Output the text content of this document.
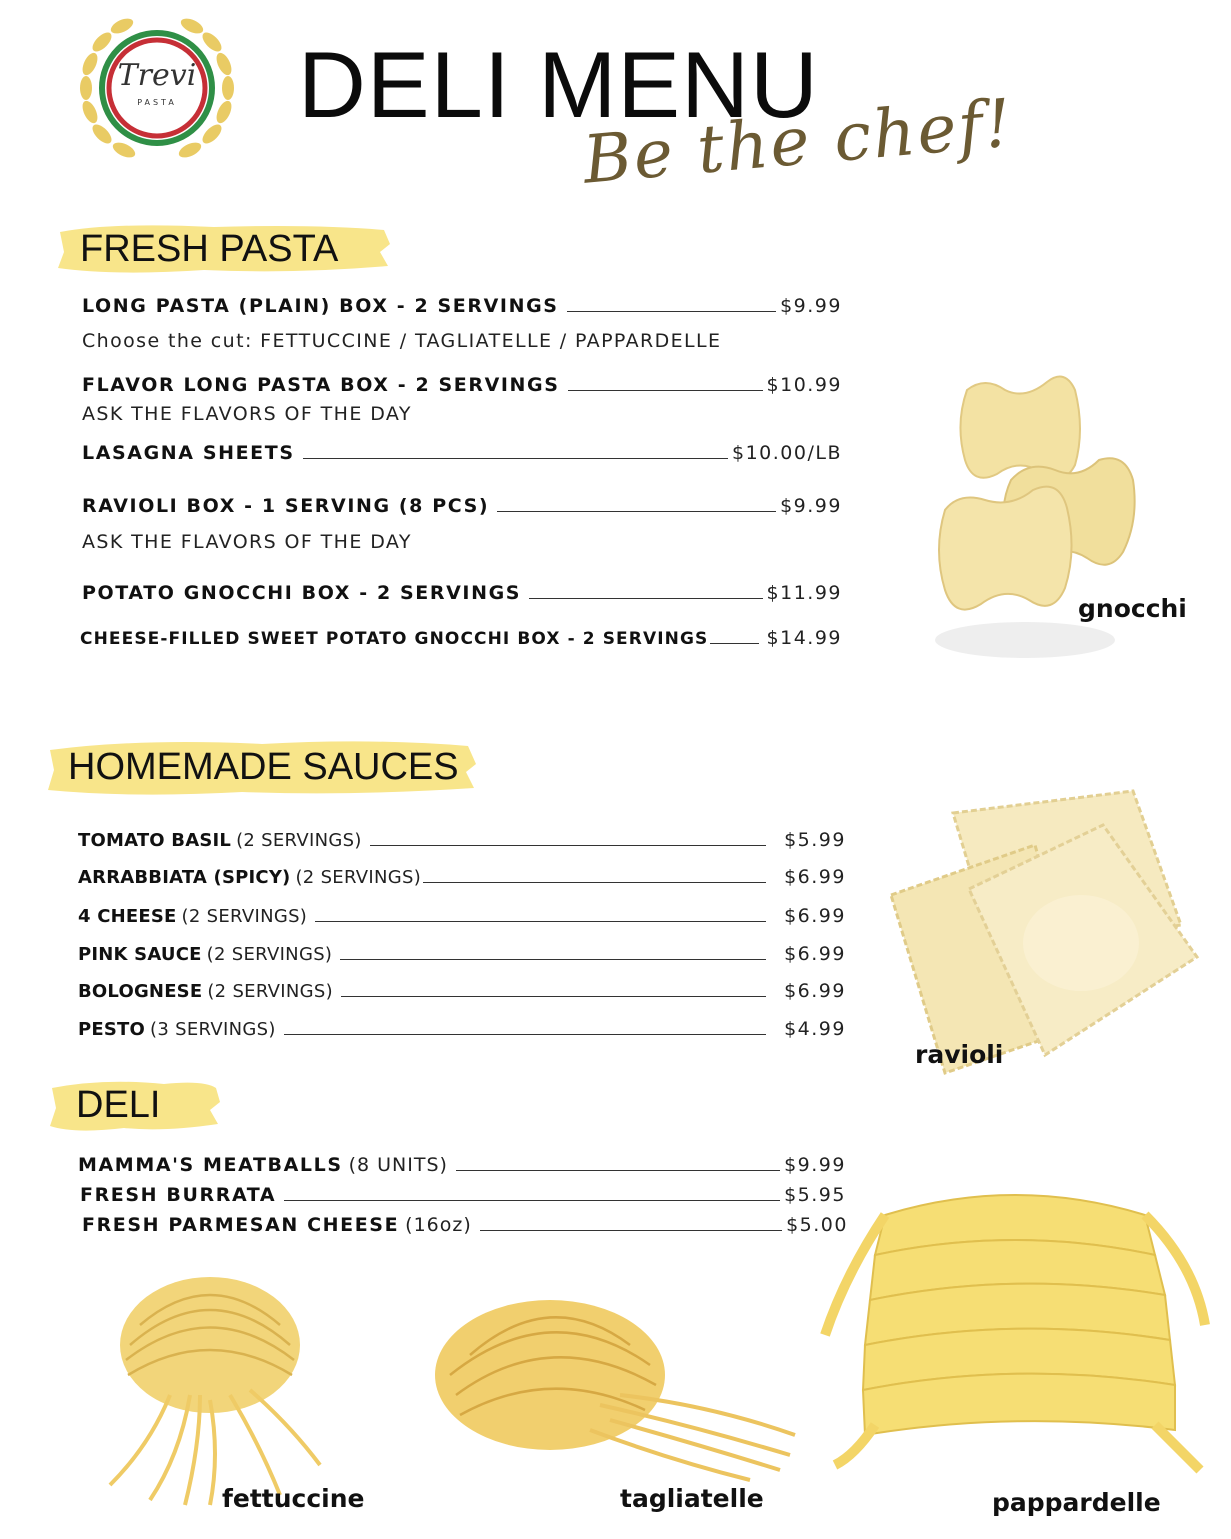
Trevi
PASTA DELI MENU
Be the chef!
FRESH PASTA
LONG PASTA (PLAIN) BOX - 2 SERVINGS	$9.99
Choose the cut: FETTUCCINE / TAGLIATELLE / PAPPARDELLE
FLAVOR LONG PASTA BOX - 2 SERVINGS	$10.99
ASK THE FLAVORS OF THE DAY
LASAGNA SHEETS	$10.00/LB
RAVIOLI BOX - 1 SERVING (8 PCS)	$9.99
ASK THE FLAVORS OF THE DAY
POTATO GNOCCHI BOX - 2 SERVINGS	$11.99
CHEESE-FILLED SWEET POTATO GNOCCHI BOX - 2 SERVINGS	$14.99
HOMEMADE SAUCES
TOMATO BASIL (2 SERVINGS)	$5.99
ARRABBIATA (SPICY) (2 SERVINGS)	$6.99
4 CHEESE (2 SERVINGS)	$6.99
PINK SAUCE (2 SERVINGS)	$6.99
BOLOGNESE (2 SERVINGS)	$6.99
PESTO (3 SERVINGS)	$4.99
DELI
MAMMA'S MEATBALLS (8 UNITS)	$9.99
FRESH BURRATA	$5.95
FRESH PARMESAN CHEESE (16oz)	$5.00
gnocchi
ravioli
fettuccine	tagliatelle	pappardelle
